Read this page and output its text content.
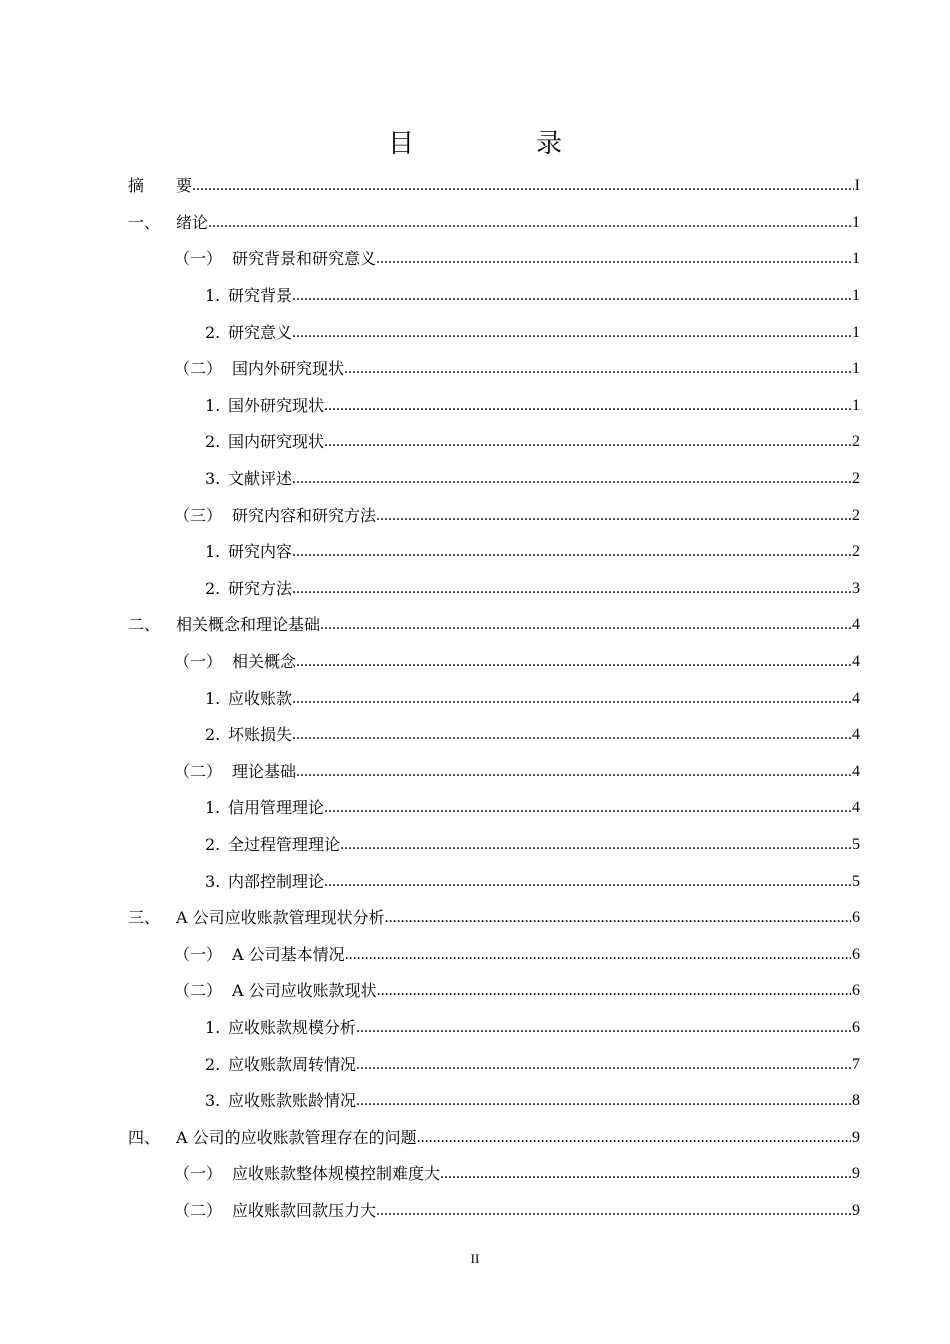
目　录
摘	要 .....	I
一、 绪论 .....	1
（一） 研究背景和研究意义 .....	1
1. 研究背景 .....	1
2. 研究意义 .....	1
（二） 国内外研究现状 .....	1
1. 国外研究现状 .....	1
2. 国内研究现状 .....	2
3. 文献评述 .....	2
（三） 研究内容和研究方法 .....	2
1. 研究内容 .....	2
2. 研究方法 .....	3
二、 相关概念和理论基础 .....	4
（一） 相关概念 .....	4
1. 应收账款 .....	4
2. 坏账损失 .....	4
（二） 理论基础 .....	4
1. 信用管理理论 .....	4
2. 全过程管理理论 .....	5
3. 内部控制理论 .....	5
三、 A 公司应收账款管理现状分析 .....	6
（一） A 公司基本情况 .....	6
（二） A 公司应收账款现状 .....	6
1. 应收账款规模分析 .....	6
2. 应收账款周转情况 .....	7
3. 应收账款账龄情况 .....	8
四、 A 公司的应收账款管理存在的问题 .....	9
（一） 应收账款整体规模控制难度大 .....	9
（二） 应收账款回款压力大 .....	9
II
